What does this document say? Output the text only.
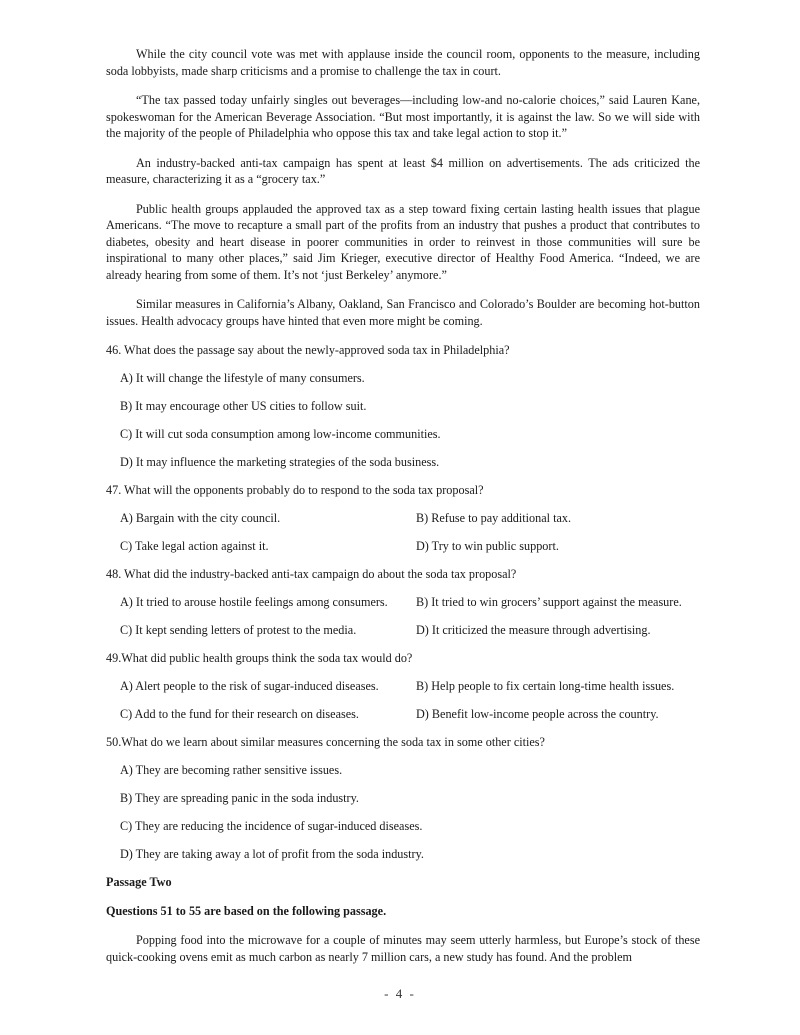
While the city council vote was met with applause inside the council room, opponents to the measure, including soda lobbyists, made sharp criticisms and a promise to challenge the tax in court.

“The tax passed today unfairly singles out beverages—including low-and no-calorie choices,” said Lauren Kane, spokeswoman for the American Beverage Association. “But most importantly, it is against the law. So we will side with the majority of the people of Philadelphia who oppose this tax and take legal action to stop it.”

An industry-backed anti-tax campaign has spent at least $4 million on advertisements. The ads criticized the measure, characterizing it as a “grocery tax.”

Public health groups applauded the approved tax as a step toward fixing certain lasting health issues that plague Americans. “The move to recapture a small part of the profits from an industry that pushes a product that contributes to diabetes, obesity and heart disease in poorer communities in order to reinvest in those communities will sure be inspirational to many other places,” said Jim Krieger, executive director of Healthy Food America. “Indeed, we are already hearing from some of them. It’s not ‘just Berkeley’ anymore.”

Similar measures in California’s Albany, Oakland, San Francisco and Colorado’s Boulder are becoming hot-button issues. Health advocacy groups have hinted that even more might be coming.

46. What does the passage say about the newly-approved soda tax in Philadelphia?

A) It will change the lifestyle of many consumers.

B) It may encourage other US cities to follow suit.

C) It will cut soda consumption among low-income communities.

D) It may influence the marketing strategies of the soda business.

47. What will the opponents probably do to respond to the soda tax proposal?

A) Bargain with the city council.	B) Refuse to pay additional tax.
C) Take legal action against it.	D) Try to win public support.

48. What did the industry-backed anti-tax campaign do about the soda tax proposal?

A) It tried to arouse hostile feelings among consumers.	B) It tried to win grocers’ support against the measure.
C) It kept sending letters of protest to the media.	D) It criticized the measure through advertising.

49.What did public health groups think the soda tax would do?

A) Alert people to the risk of sugar-induced diseases.	B) Help people to fix certain long-time health issues.
C) Add to the fund for their research on diseases.	D) Benefit low-income people across the country.

50.What do we learn about similar measures concerning the soda tax in some other cities?

A) They are becoming rather sensitive issues.

B) They are spreading panic in the soda industry.

C) They are reducing the incidence of sugar-induced diseases.

D) They are taking away a lot of profit from the soda industry.

Passage Two

Questions 51 to 55 are based on the following passage.

Popping food into the microwave for a couple of minutes may seem utterly harmless, but Europe’s stock of these quick-cooking ovens emit as much carbon as nearly 7 million cars, a new study has found. And the problem

- 4 -
